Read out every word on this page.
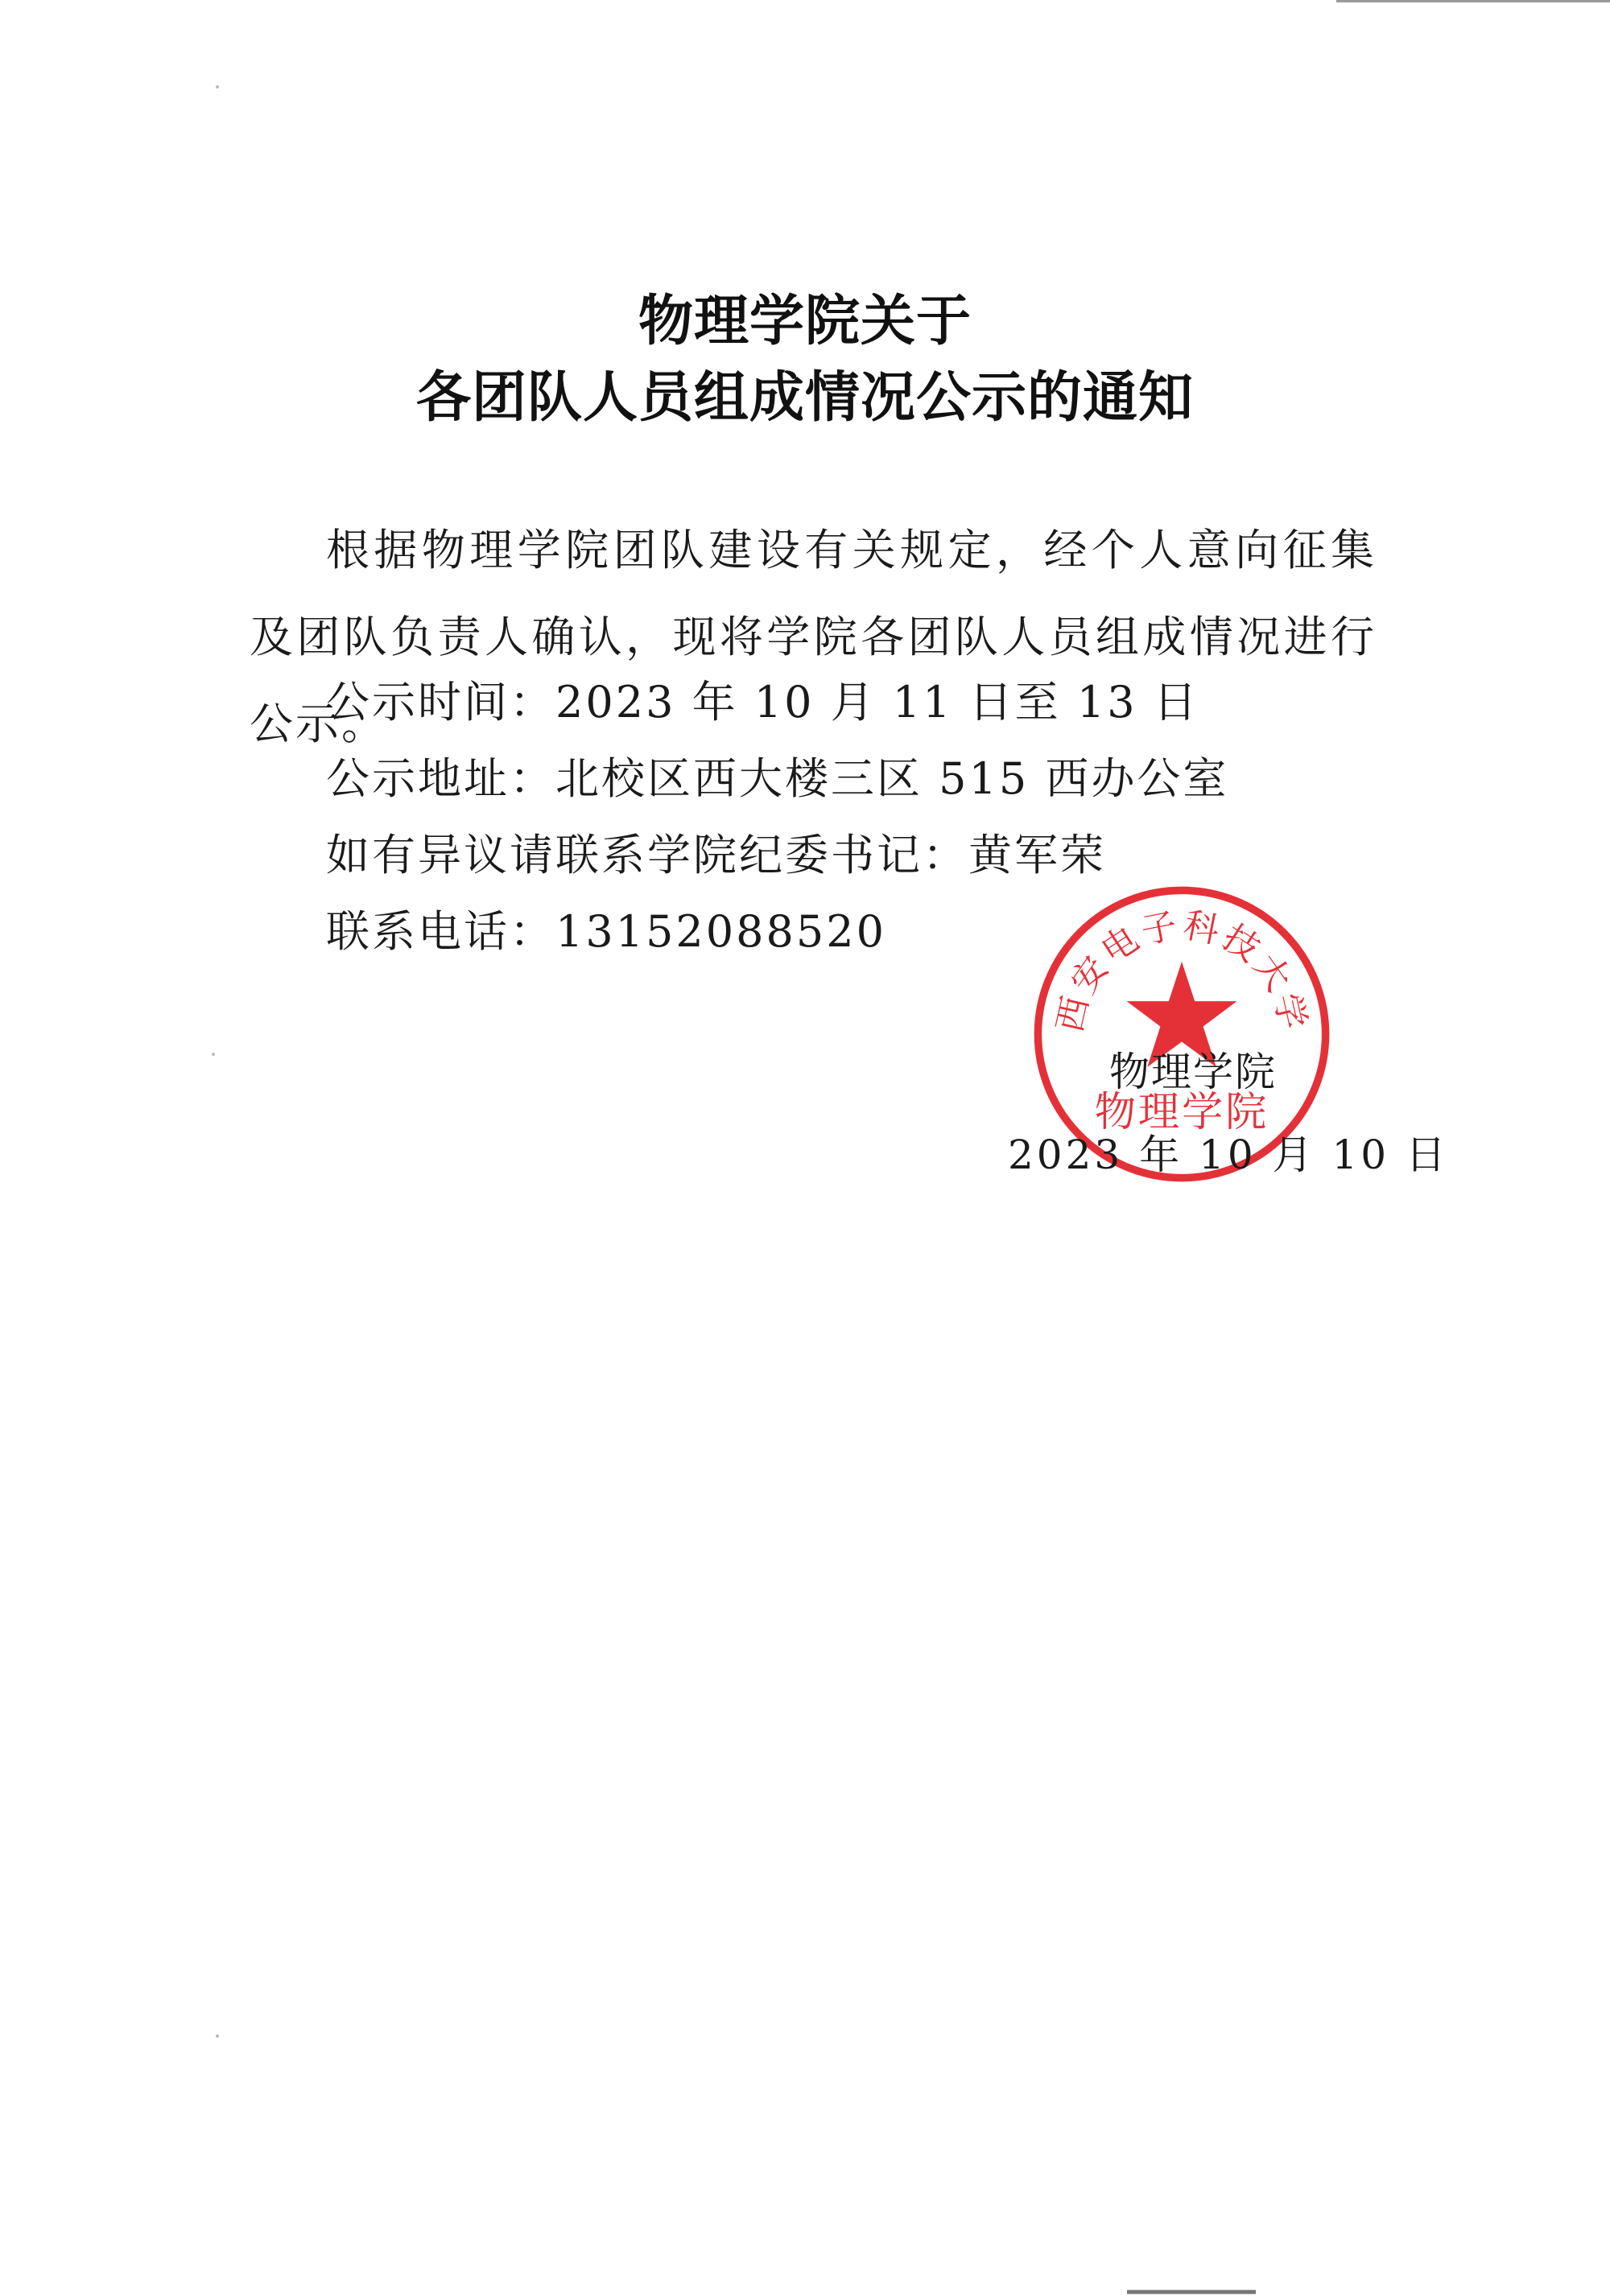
物理学院关于
各团队人员组成情况公示的通知

根据物理学院团队建设有关规定，经个人意向征集及团队负责人确认，现将学院各团队人员组成情况进行公示。

公示时间：2023 年 10 月 11 日至 13 日
公示地址：北校区西大楼三区 515 西办公室
如有异议请联系学院纪委书记：黄军荣
联系电话：13152088520
西安电子科技大学
物理学院
物理学院
2023 年 10 月 10 日
